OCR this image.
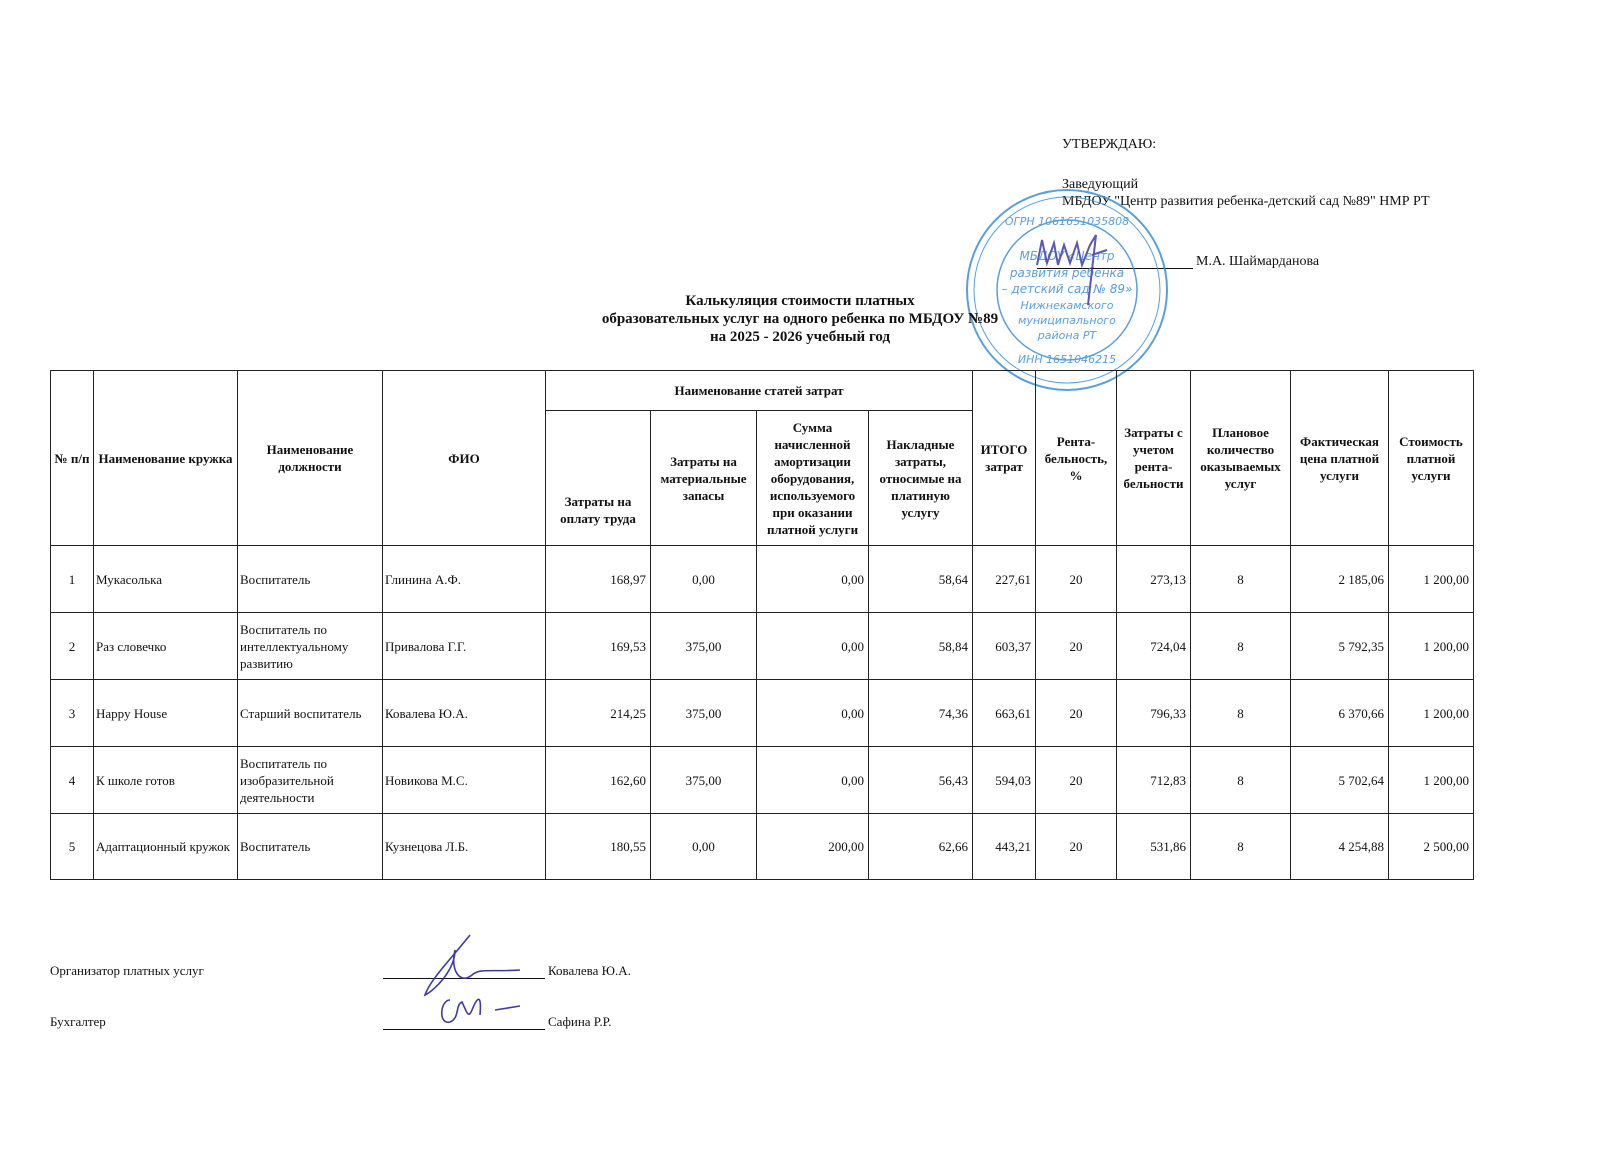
УТВЕРЖДАЮ:
Заведующий
МБДОУ "Центр развития ребенка-детский сад №89" НМР РТ
М.А. Шаймарданова
ОГРН 1061651035808
МБДОУ «Центр
развития ребенка
– детский сад № 89»
Нижнекамского
муниципального
района РТ
ИНН 1651046215
Калькуляция стоимости платных
образовательных услуг на одного ребенка по МБДОУ №89
на 2025 - 2026 учебный год
№ п/п	Наименование кружка	Наименование должности	ФИО	Наименование статей затрат				ИТОГО затрат	Рента-бельность, %	Затраты с учетом рента-бельности	Плановое количество оказываемых услуг	Фактическая цена платной услуги	Стоимость платной услуги
				Затраты на оплату труда	Затраты на материальные запасы	Сумма начисленной амортизации оборудования, используемого при оказании платной услуги	Накладные затраты, относимые на платиную услугу						
1	Мукасолька	Воспитатель	Глинина А.Ф.	168,97	0,00	0,00	58,64	227,61	20	273,13	8	2 185,06	1 200,00
2	Раз словечко	Воспитатель по интеллектуальному развитию	Привалова Г.Г.	169,53	375,00	0,00	58,84	603,37	20	724,04	8	5 792,35	1 200,00
3	Happy House	Старший воспитатель	Ковалева Ю.А.	214,25	375,00	0,00	74,36	663,61	20	796,33	8	6 370,66	1 200,00
4	К школе готов	Воспитатель по изобразительной деятельности	Новикова М.С.	162,60	375,00	0,00	56,43	594,03	20	712,83	8	5 702,64	1 200,00
5	Адаптационный кружок	Воспитатель	Кузнецова Л.Б.	180,55	0,00	200,00	62,66	443,21	20	531,86	8	4 254,88	2 500,00
Организатор платных услуг	Ковалева Ю.А.
Бухгалтер	Сафина Р.Р.
